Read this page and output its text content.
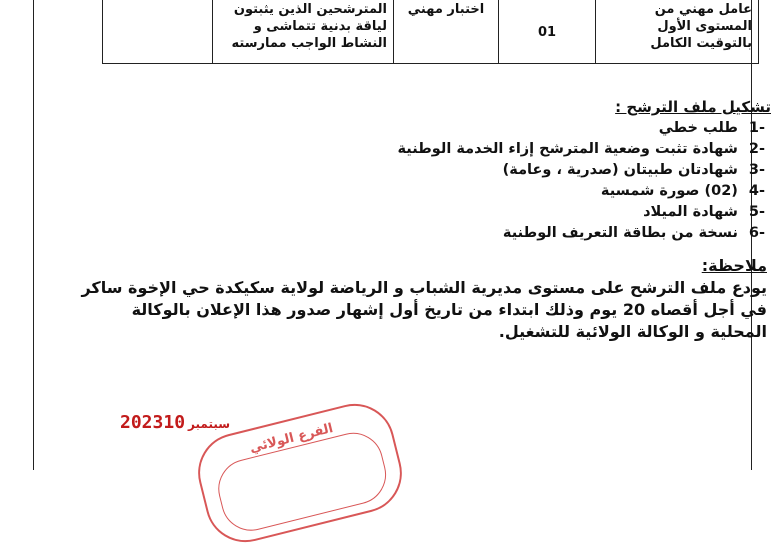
عامل مهني من المستوى الأول بالتوقيت الكامل	01	اختبار مهني	المترشحين الذين يثبتون لياقة بدنية تتماشى و النشاط الواجب ممارسته	
تشكيل ملف الترشح :
-1 طلب خطي
-2 شهادة تثبت وضعية المترشح إزاء الخدمة الوطنية
-3 شهادتان طبيتان (صدرية ، وعامة)
-4 (02) صورة شمسية
-5 شهادة الميلاد
-6 نسخة من بطاقة التعريف الوطنية
ملاحظة:
يودع ملف الترشح على مستوى مديرية الشباب و الرياضة لولاية سكيكدة حي الإخوة ساكر في أجل أقصاه 20 يوم وذلك ابتداء من تاريخ أول إشهار صدور هذا الإعلان بالوكالة المحلية و الوكالة الولائية للتشغيل.
2023 سبتمبر10	الفرع الولائي
